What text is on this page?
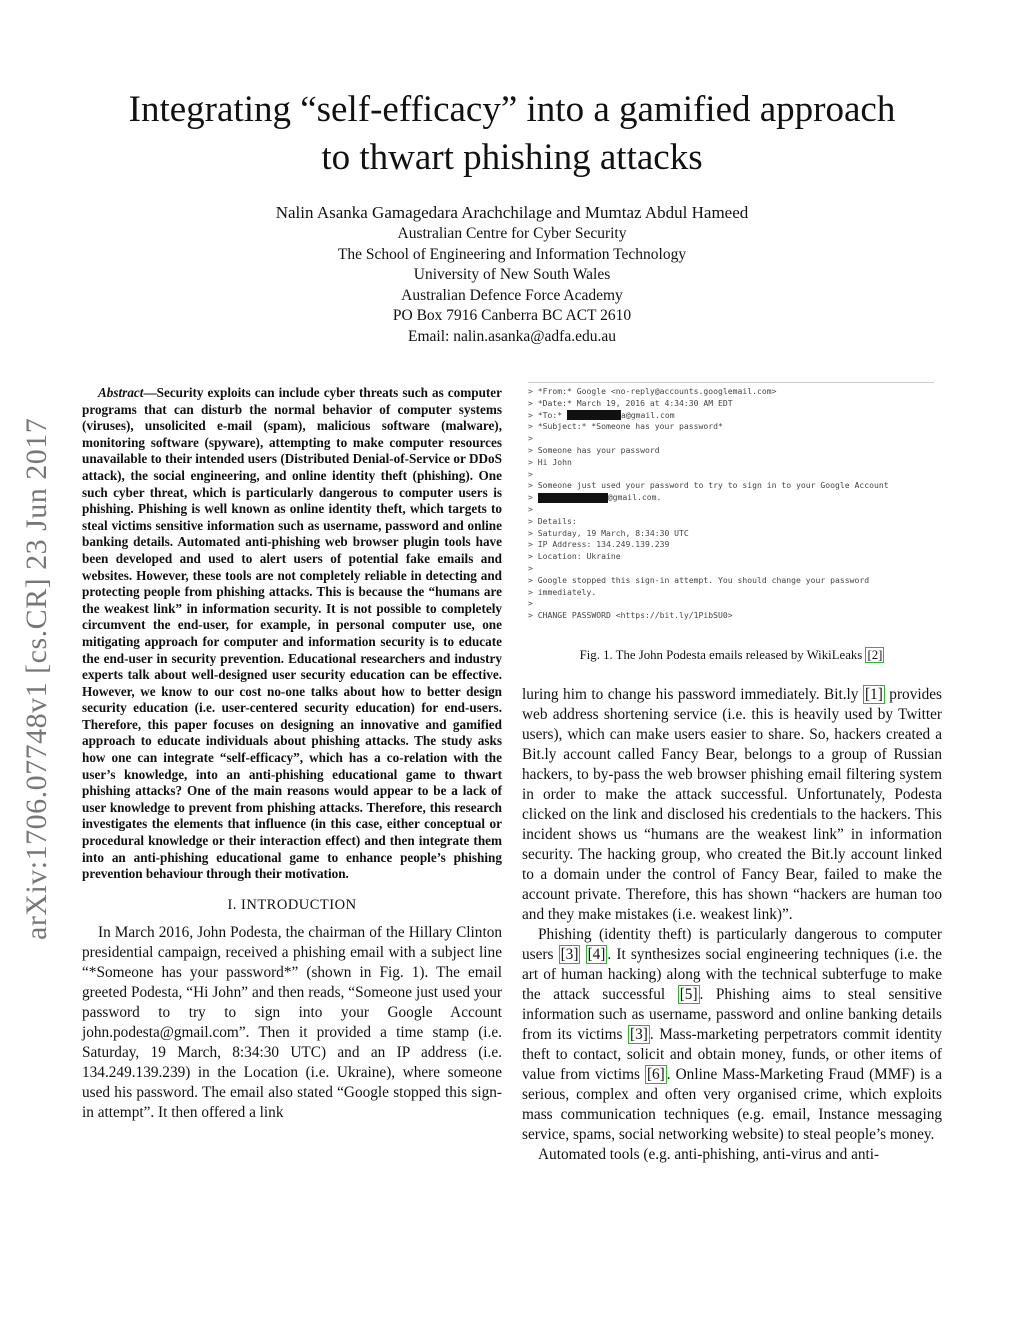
arXiv:1706.07748v1 [cs.CR] 23 Jun 2017
Integrating “self-efficacy” into a gamified approach
to thwart phishing attacks
Nalin Asanka Gamagedara Arachchilage and Mumtaz Abdul Hameed
Australian Centre for Cyber Security
The School of Engineering and Information Technology
University of New South Wales
Australian Defence Force Academy
PO Box 7916 Canberra BC ACT 2610
Email: nalin.asanka@adfa.edu.au
Abstract—Security exploits can include cyber threats such as computer programs that can disturb the normal behavior of computer systems (viruses), unsolicited e-mail (spam), malicious software (malware), monitoring software (spyware), attempting to make computer resources unavailable to their intended users (Distributed Denial-of-Service or DDoS attack), the social engineering, and online identity theft (phishing). One such cyber threat, which is particularly dangerous to computer users is phishing. Phishing is well known as online identity theft, which targets to steal victims sensitive information such as username, password and online banking details. Automated anti-phishing web browser plugin tools have been developed and used to alert users of potential fake emails and websites. However, these tools are not completely reliable in detecting and protecting people from phishing attacks. This is because the “humans are the weakest link” in information security. It is not possible to completely circumvent the end-user, for example, in personal computer use, one mitigating approach for computer and information security is to educate the end-user in security prevention. Educational researchers and industry experts talk about well-designed user security education can be effective. However, we know to our cost no-one talks about how to better design security education (i.e. user-centered security education) for end-users. Therefore, this paper focuses on designing an innovative and gamified approach to educate individuals about phishing attacks. The study asks how one can integrate “self-efficacy”, which has a co-relation with the user’s knowledge, into an anti-phishing educational game to thwart phishing attacks? One of the main reasons would appear to be a lack of user knowledge to prevent from phishing attacks. Therefore, this research investigates the elements that influence (in this case, either conceptual or procedural knowledge or their interaction effect) and then integrate them into an anti-phishing educational game to enhance people’s phishing prevention behaviour through their motivation.
I. INTRODUCTION

In March 2016, John Podesta, the chairman of the Hillary Clinton presidential campaign, received a phishing email with a subject line “*Someone has your password*” (shown in Fig. 1). The email greeted Podesta, “Hi John” and then reads, “Someone just used your password to try to sign into your Google Account john.podesta@gmail.com”. Then it provided a time stamp (i.e. Saturday, 19 March, 8:34:30 UTC) and an IP address (i.e. 134.249.139.239) in the Location (i.e. Ukraine), where someone used his password. The email also stated “Google stopped this sign-in attempt”. It then offered a link

> *From:* Google <no-reply@accounts.googlemail.com>
> *Date:* March 19, 2016 at 4:34:30 AM EDT
> *To:*	a@gmail.com
> *Subject:* *Someone has your password*
>
> Someone has your password
> Hi John
>
> Someone just used your password to try to sign in to your Google Account
>	@gmail.com.
>
> Details:
> Saturday, 19 March, 8:34:30 UTC
> IP Address: 134.249.139.239
> Location: Ukraine
>
> Google stopped this sign-in attempt. You should change your password
> immediately.
>
> CHANGE PASSWORD <https://bit.ly/1PibSU0>
Fig. 1. The John Podesta emails released by WikiLeaks [2]

luring him to change his password immediately. Bit.ly [1] provides web address shortening service (i.e. this is heavily used by Twitter users), which can make users easier to share. So, hackers created a Bit.ly account called Fancy Bear, belongs to a group of Russian hackers, to by-pass the web browser phishing email filtering system in order to make the attack successful. Unfortunately, Podesta clicked on the link and disclosed his credentials to the hackers. This incident shows us “humans are the weakest link” in information security. The hacking group, who created the Bit.ly account linked to a domain under the control of Fancy Bear, failed to make the account private. Therefore, this has shown “hackers are human too and they make mistakes (i.e. weakest link)”.

Phishing (identity theft) is particularly dangerous to computer users [3] [4] . It synthesizes social engineering techniques (i.e. the art of human hacking) along with the technical subterfuge to make the attack successful [5] . Phishing aims to steal sensitive information such as username, password and online banking details from its victims [3] . Mass-marketing perpetrators commit identity theft to contact, solicit and obtain money, funds, or other items of value from victims [6] . Online Mass-Marketing Fraud (MMF) is a serious, complex and often very organised crime, which exploits mass communication techniques (e.g. email, Instance messaging service, spams, social networking website) to steal people’s money.

Automated tools (e.g. anti-phishing, anti-virus and anti-
